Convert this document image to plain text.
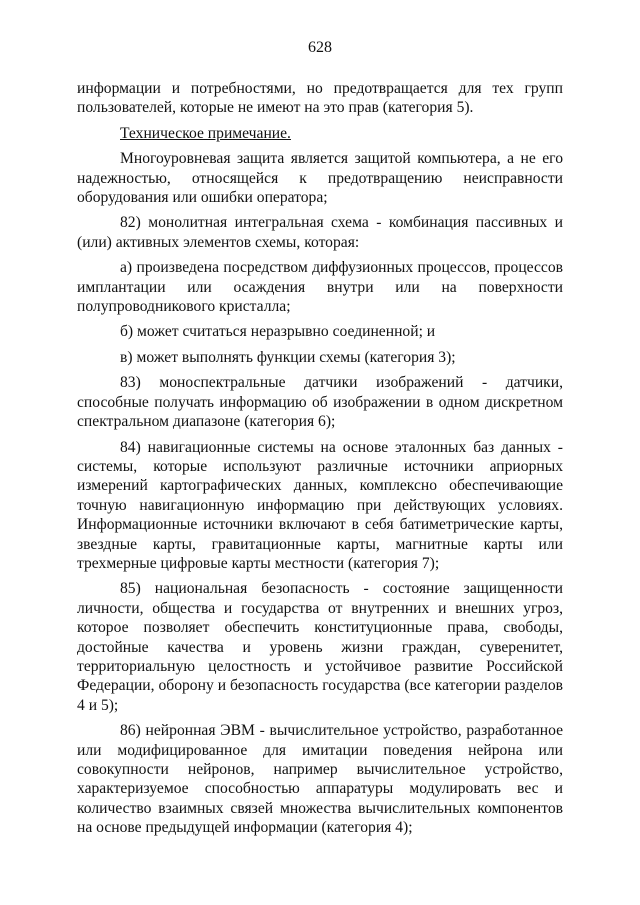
628

информации и потребностями, но предотвращается для тех групп пользователей, которые не имеют на это прав (категория 5).

Техническое примечание.

Многоуровневая защита является защитой компьютера, а не его надежностью, относящейся к предотвращению неисправности оборудования или ошибки оператора;

82) монолитная интегральная схема - комбинация пассивных и (или) активных элементов схемы, которая:

а) произведена посредством диффузионных процессов, процессов имплантации или осаждения внутри или на поверхности полупроводникового кристалла;

б) может считаться неразрывно соединенной; и

в) может выполнять функции схемы (категория 3);

83) моноспектральные датчики изображений - датчики, способные получать информацию об изображении в одном дискретном спектральном диапазоне (категория 6);

84) навигационные системы на основе эталонных баз данных - системы, которые используют различные источники априорных измерений картографических данных, комплексно обеспечивающие точную навигационную информацию при действующих условиях. Информационные источники включают в себя батиметрические карты, звездные карты, гравитационные карты, магнитные карты или трехмерные цифровые карты местности (категория 7);

85) национальная безопасность - состояние защищенности личности, общества и государства от внутренних и внешних угроз, которое позволяет обеспечить конституционные права, свободы, достойные качества и уровень жизни граждан, суверенитет, территориальную целостность и устойчивое развитие Российской Федерации, оборону и безопасность государства (все категории разделов 4 и 5);

86) нейронная ЭВМ - вычислительное устройство, разработанное или модифицированное для имитации поведения нейрона или совокупности нейронов, например вычислительное устройство, характеризуемое способностью аппаратуры модулировать вес и количество взаимных связей множества вычислительных компонентов на основе предыдущей информации (категория 4);
